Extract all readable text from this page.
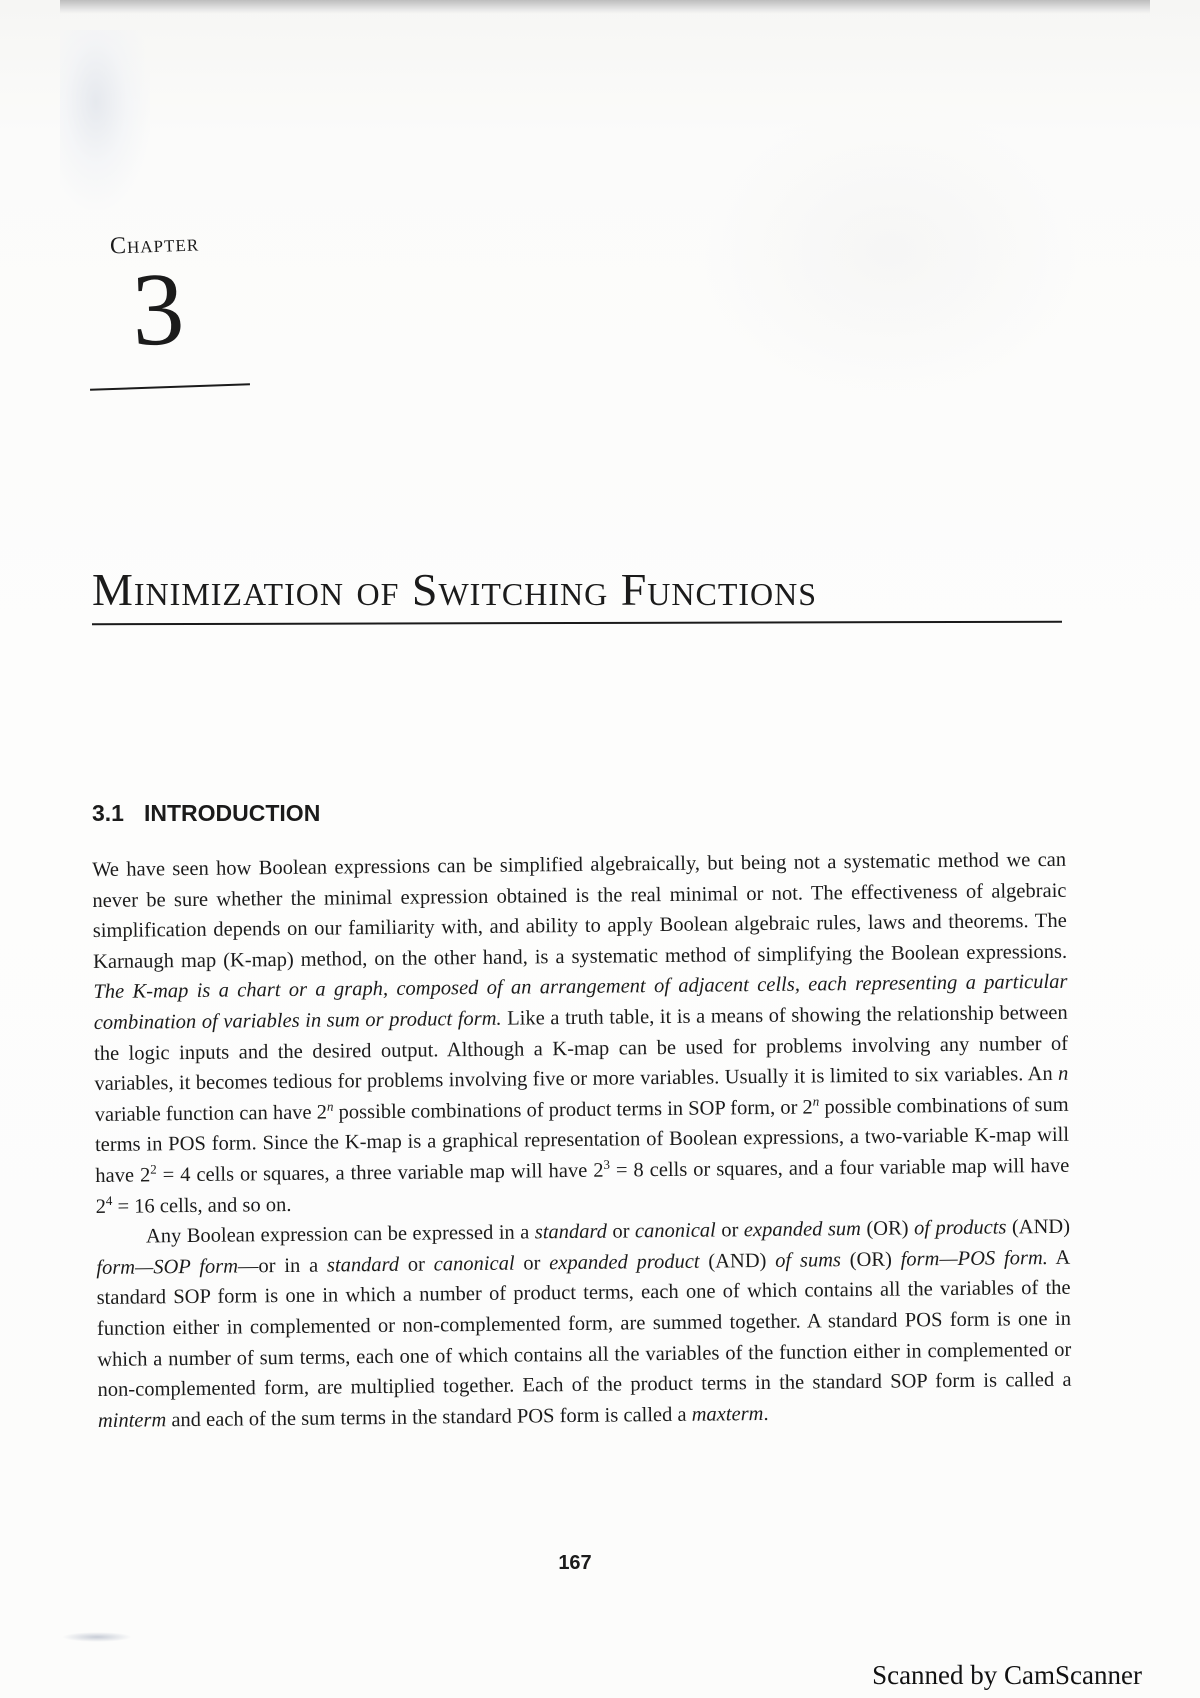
Chapter
3
Minimization of Switching Functions
3.1 INTRODUCTION

We have seen how Boolean expressions can be simplified algebraically, but being not a systematic method we can never be sure whether the minimal expression obtained is the real minimal or not. The effectiveness of algebraic simplification depends on our familiarity with, and ability to apply Boolean algebraic rules, laws and theorems. The Karnaugh map (K-map) method, on the other hand, is a systematic method of simplifying the Boolean expressions. The K-map is a chart or a graph, composed of an arrangement of adjacent cells, each representing a particular combination of variables in sum or product form. Like a truth table, it is a means of showing the relationship between the logic inputs and the desired output. Although a K-map can be used for problems involving any number of variables, it becomes tedious for problems involving five or more variables. Usually it is limited to six variables. An n variable function can have 2$^n$ possible combinations of product terms in SOP form, or 2$^n$ possible combinations of sum terms in POS form. Since the K-map is a graphical representation of Boolean expressions, a two-variable K-map will have $2^2 = 4$ cells or squares, a three variable map will have $2^3 = 8$ cells or squares, and a four variable map will have $2^4 = 16$ cells, and so on.

Any Boolean expression can be expressed in a standard or canonical or expanded sum (OR) of products (AND) form—SOP form—or in a standard or canonical or expanded product (AND) of sums (OR) form—POS form. A standard SOP form is one in which a number of product terms, each one of which contains all the variables of the function either in complemented or non-complemented form, are summed together. A standard POS form is one in which a number of sum terms, each one of which contains all the variables of the function either in complemented or non-complemented form, are multiplied together. Each of the product terms in the standard SOP form is called a minterm and each of the sum terms in the standard POS form is called a maxterm.

167
Scanned by CamScanner
